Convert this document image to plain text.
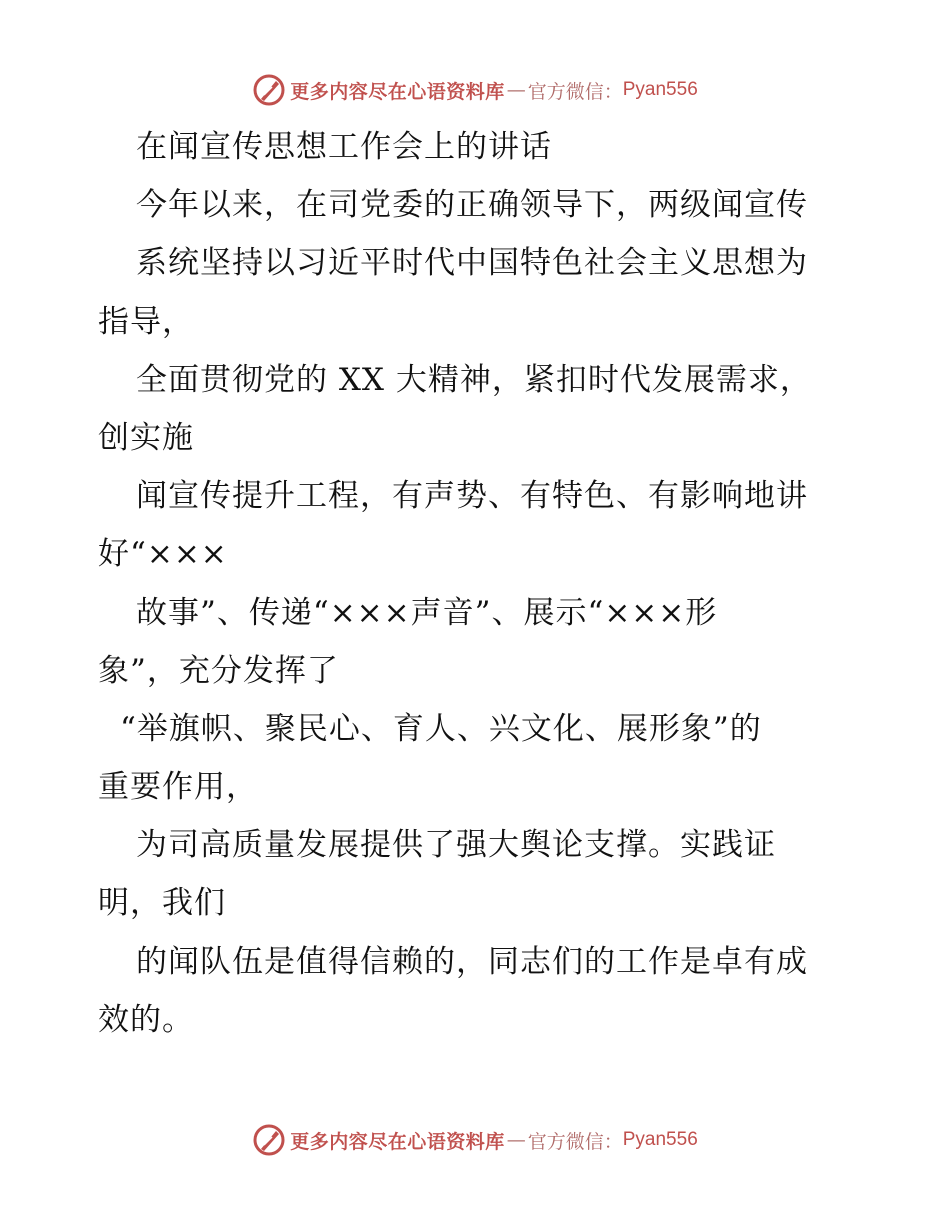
更多内容尽在心语资料库 — 官方微信： Pyan556
在闻宣传思想工作会上的讲话
今年以来，在司党委的正确领导下，两级闻宣传
系统坚持以习近平时代中国特色社会主义思想为
指导，
全面贯彻党的 XX 大精神，紧扣时代发展需求，
创实施
闻宣传提升工程，有声势、有特色、有影响地讲
好“×××
故事”、传递“×××声音”、展示“×××形
象”，充分发挥了
“举旗帜、聚民心、育人、兴文化、展形象”的
重要作用，
为司高质量发展提供了强大舆论支撑。实践证
明，我们
的闻队伍是值得信赖的，同志们的工作是卓有成
效的。
更多内容尽在心语资料库 — 官方微信： Pyan556
